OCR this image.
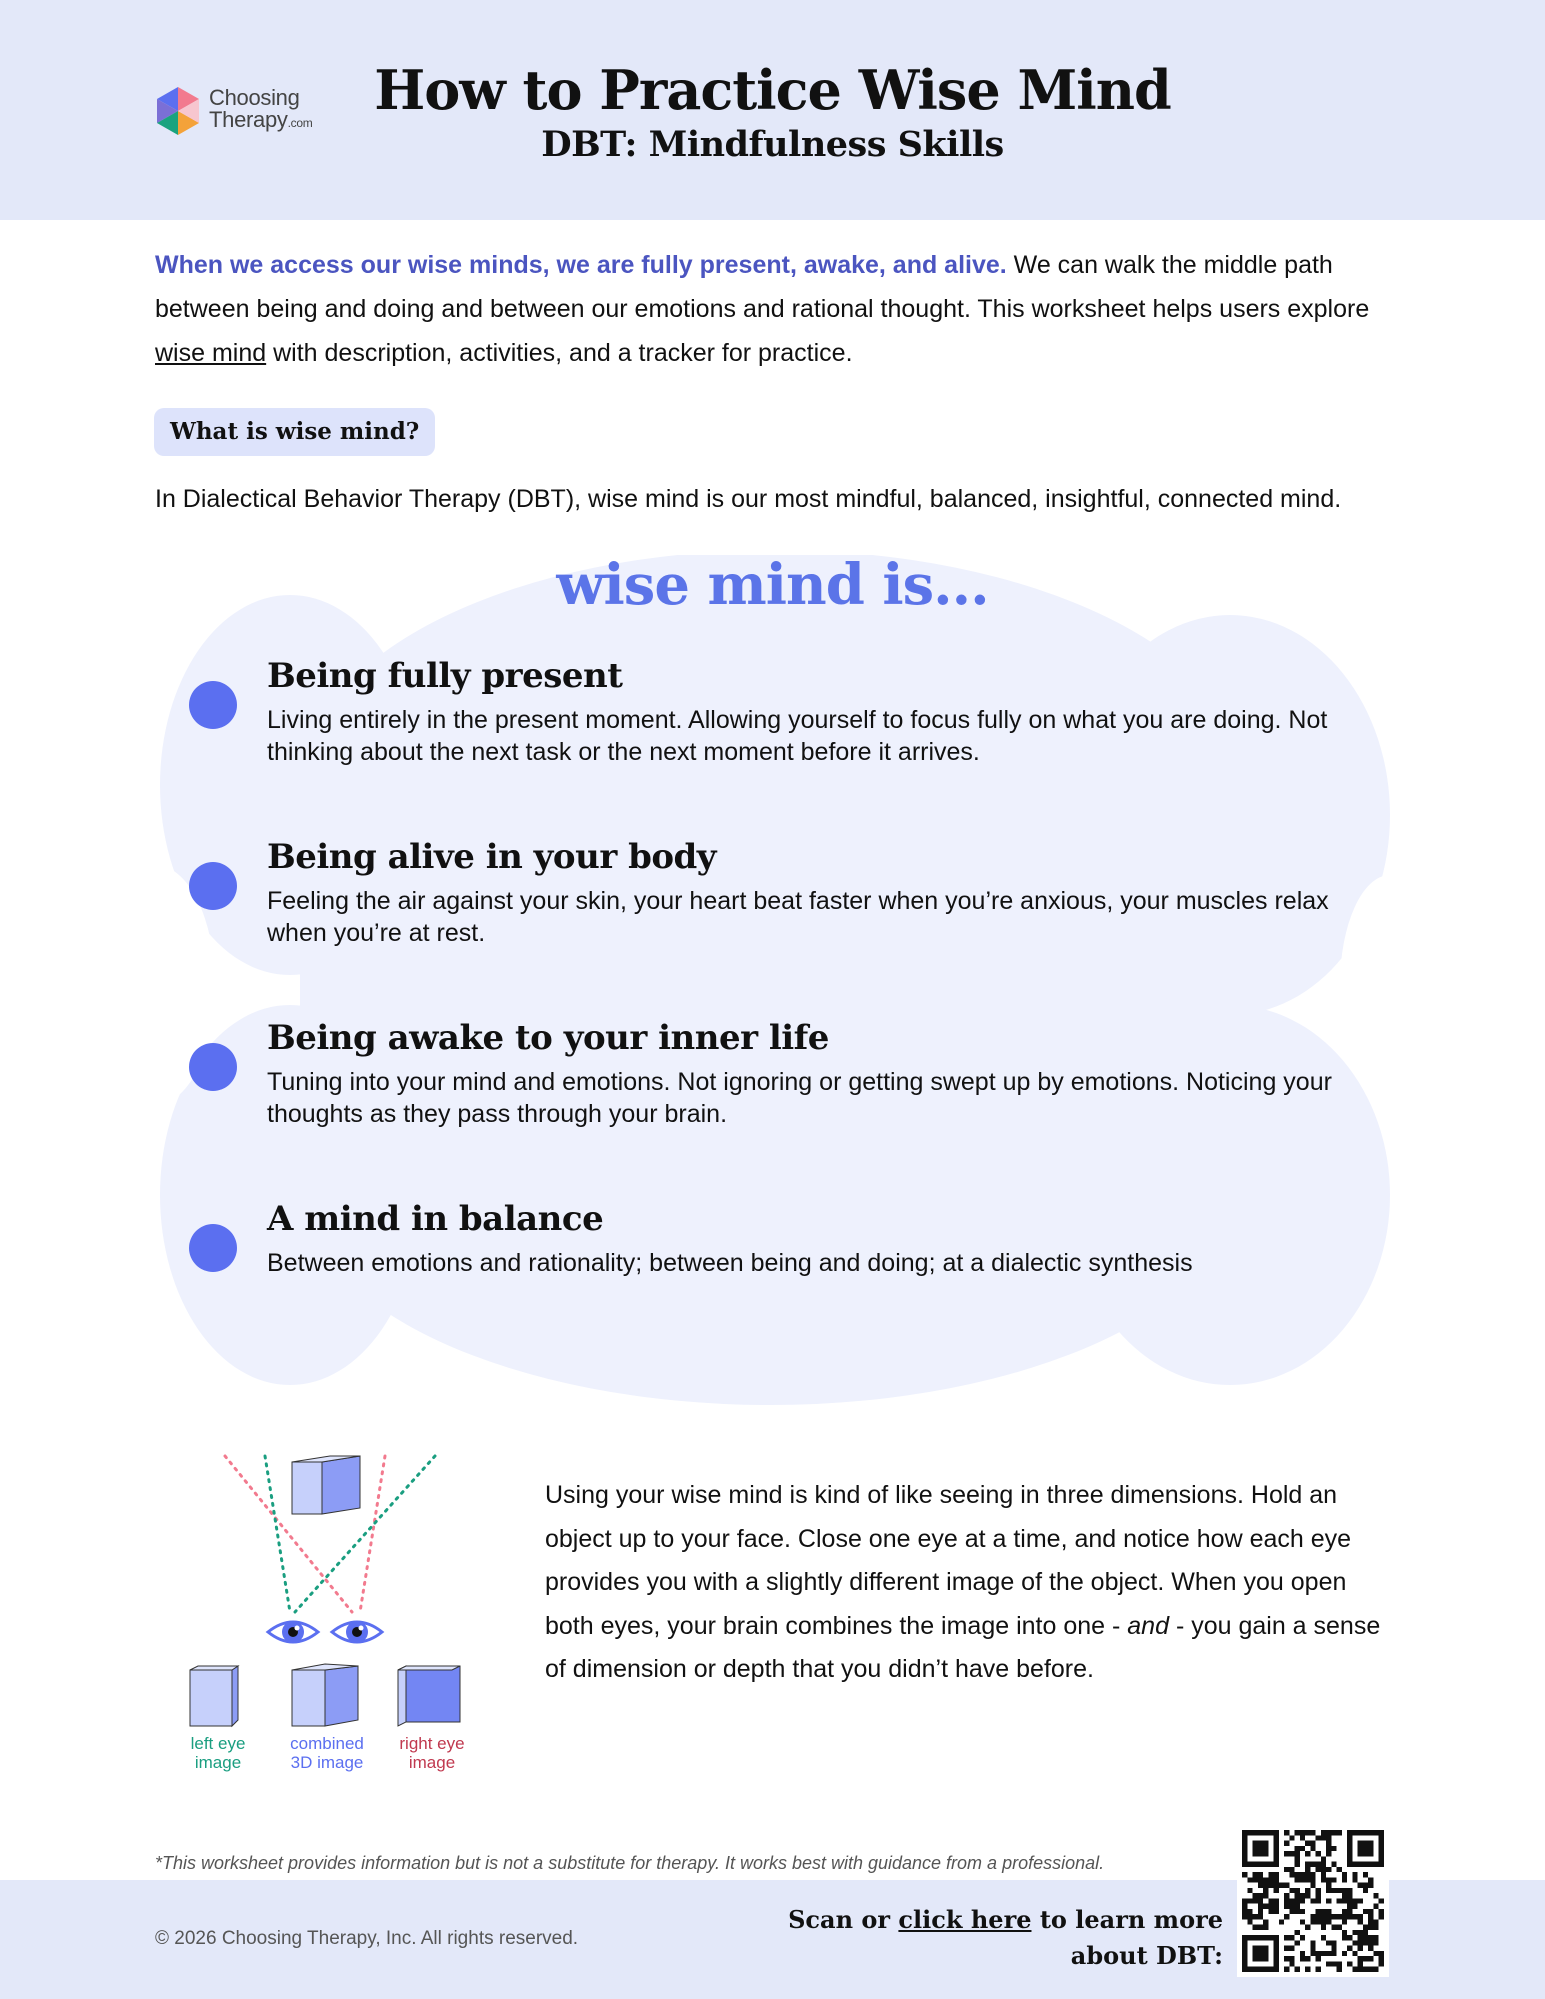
Choosing
Therapy.com
How to Practice Wise Mind
DBT: Mindfulness Skills
When we access our wise minds, we are fully present, awake, and alive. We can walk the middle path between being and doing and between our emotions and rational thought. This worksheet helps users explore wise mind with description, activities, and a tracker for practice.
What is wise mind?
In Dialectical Behavior Therapy (DBT), wise mind is our most mindful, balanced, insightful, connected mind.
wise mind is...
Being fully present

Living entirely in the present moment. Allowing yourself to focus fully on what you are doing. Not thinking about the next task or the next moment before it arrives.

Being alive in your body

Feeling the air against your skin, your heart beat faster when you’re anxious, your muscles relax when you’re at rest.

Being awake to your inner life

Tuning into your mind and emotions. Not ignoring or getting swept up by emotions. Noticing your thoughts as they pass through your brain.

A mind in balance

Between emotions and rationality; between being and doing; at a dialectic synthesis

left eye
image
combined
3D image
right eye
image
Using your wise mind is kind of like seeing in three dimensions. Hold an object up to your face. Close one eye at a time, and notice how each eye provides you with a slightly different image of the object. When you open both eyes, your brain combines the image into one - and - you gain a sense of dimension or depth that you didn’t have before.
*This worksheet provides information but is not a substitute for therapy. It works best with guidance from a professional.
© 2026 Choosing Therapy, Inc. All rights reserved.
Scan or click here to learn more
about DBT:
